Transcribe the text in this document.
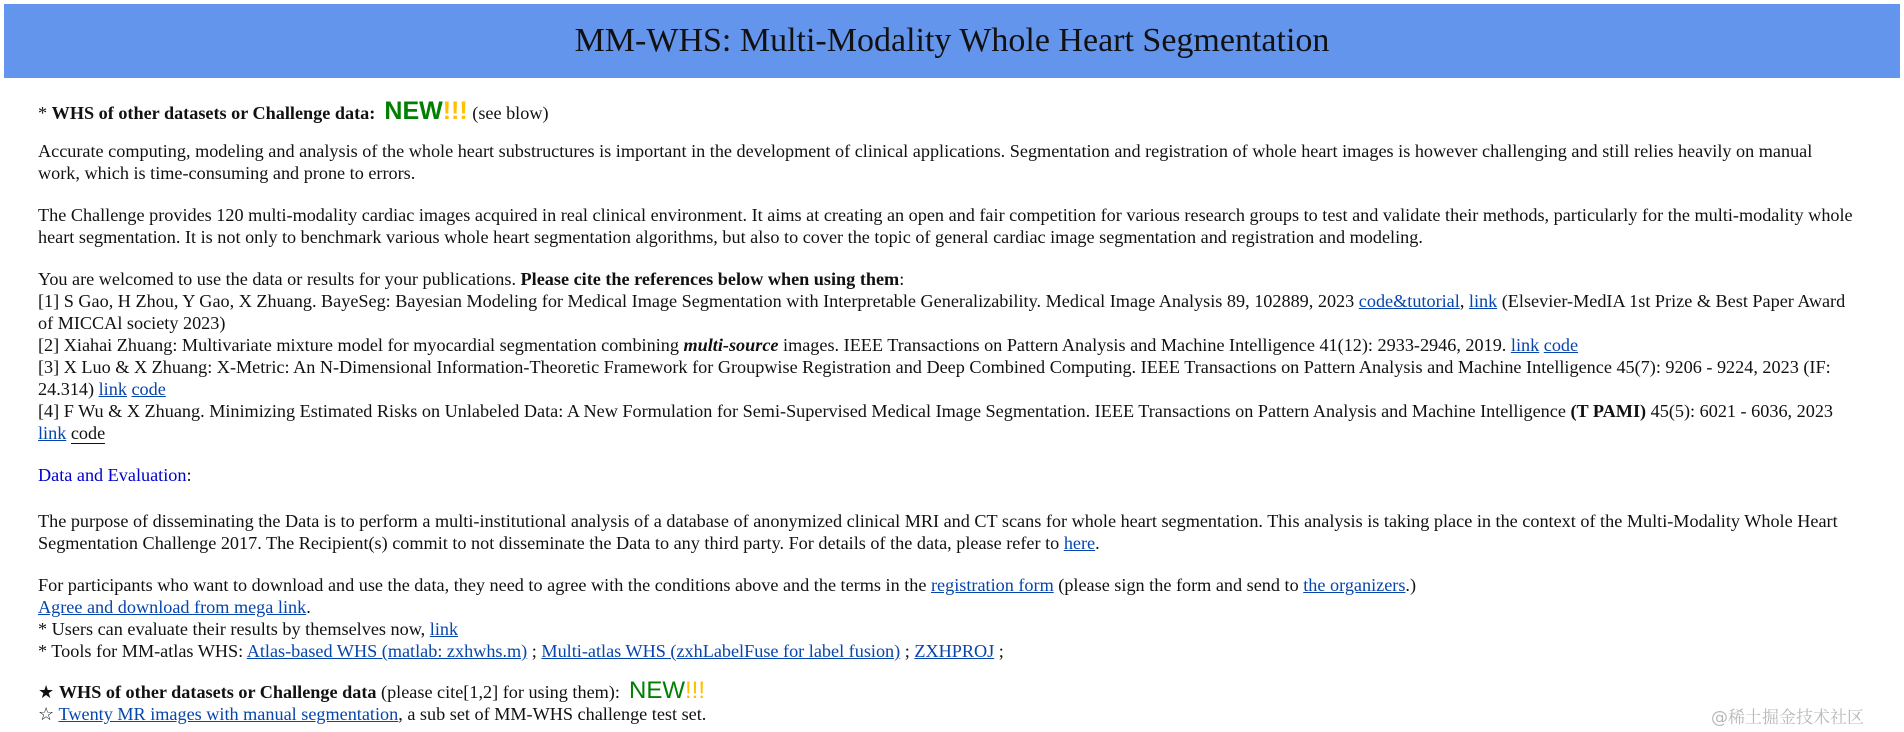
MM-WHS: Multi-Modality Whole Heart Segmentation

* WHS of other datasets or Challenge data: NEW!!! (see blow)

Accurate computing, modeling and analysis of the whole heart substructures is important in the development of clinical applications. Segmentation and registration of whole heart images is however challenging and still relies heavily on manual work, which is time-consuming and prone to errors.

The Challenge provides 120 multi-modality cardiac images acquired in real clinical environment. It aims at creating an open and fair competition for various research groups to test and validate their methods, particularly for the multi-modality whole heart segmentation. It is not only to benchmark various whole heart segmentation algorithms, but also to cover the topic of general cardiac image segmentation and registration and modeling.

You are welcomed to use the data or results for your publications. Please cite the references below when using them:

[1] S Gao, H Zhou, Y Gao, X Zhuang. BayeSeg: Bayesian Modeling for Medical Image Segmentation with Interpretable Generalizability. Medical Image Analysis 89, 102889, 2023 code&tutorial, link (Elsevier-MedIA 1st Prize & Best Paper Award of MICCAl society 2023)

[2] Xiahai Zhuang: Multivariate mixture model for myocardial segmentation combining multi-source images. IEEE Transactions on Pattern Analysis and Machine Intelligence 41(12): 2933-2946, 2019. link code

[3] X Luo & X Zhuang: X-Metric: An N-Dimensional Information-Theoretic Framework for Groupwise Registration and Deep Combined Computing. IEEE Transactions on Pattern Analysis and Machine Intelligence 45(7): 9206 - 9224, 2023 (IF: 24.314) link code

[4] F Wu & X Zhuang. Minimizing Estimated Risks on Unlabeled Data: A New Formulation for Semi-Supervised Medical Image Segmentation. IEEE Transactions on Pattern Analysis and Machine Intelligence (T PAMI) 45(5): 6021 - 6036, 2023 link code

Data and Evaluation:

The purpose of disseminating the Data is to perform a multi-institutional analysis of a database of anonymized clinical MRI and CT scans for whole heart segmentation. This analysis is taking place in the context of the Multi-Modality Whole Heart Segmentation Challenge 2017. The Recipient(s) commit to not disseminate the Data to any third party. For details of the data, please refer to here.

For participants who want to download and use the data, they need to agree with the conditions above and the terms in the registration form (please sign the form and send to the organizers.)

Agree and download from mega link.

* Users can evaluate their results by themselves now, link

* Tools for MM-atlas WHS: Atlas-based WHS (matlab: zxhwhs.m) ; Multi-atlas WHS (zxhLabelFuse for label fusion) ; ZXHPROJ ;

★ WHS of other datasets or Challenge data (please cite[1,2] for using them): NEW!!!

☆ Twenty MR images with manual segmentation, a sub set of MM-WHS challenge test set.	@稀土掘金技术社区
